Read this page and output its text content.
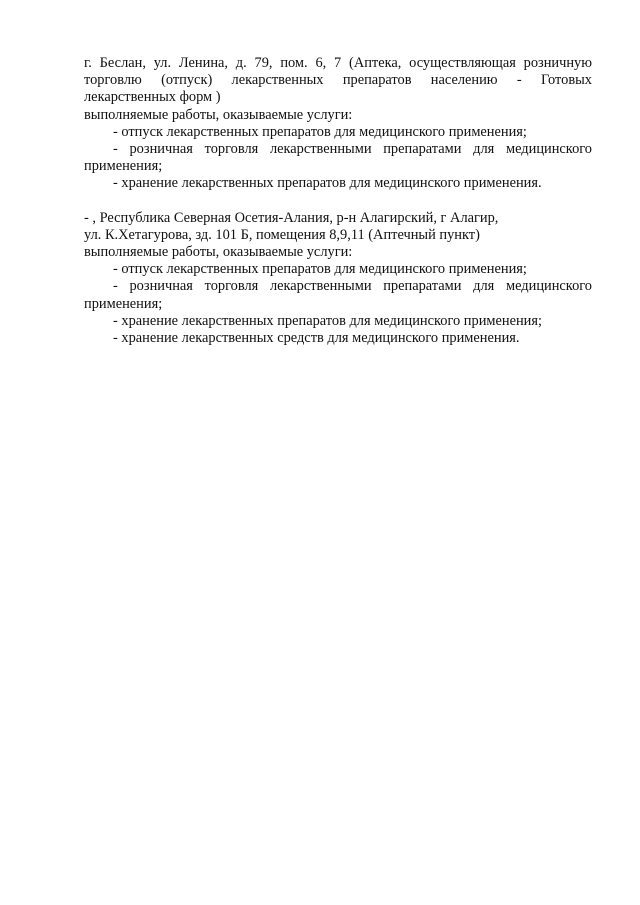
г. Беслан, ул. Ленина, д. 79, пом. 6, 7 (Аптека, осуществляющая розничную торговлю (отпуск) лекарственных препаратов населению - Готовых лекарственных форм )

выполняемые работы, оказываемые услуги:

- отпуск лекарственных препаратов для медицинского применения;

- розничная торговля лекарственными препаратами для медицинского применения;

- хранение лекарственных препаратов для медицинского применения.

- , Республика Северная Осетия-Алания, р-н Алагирский, г Алагир,

ул. К.Хетагурова, зд. 101 Б, помещения 8,9,11 (Аптечный пункт)

выполняемые работы, оказываемые услуги:

- отпуск лекарственных препаратов для медицинского применения;

- розничная торговля лекарственными препаратами для медицинского применения;

- хранение лекарственных препаратов для медицинского применения;

- хранение лекарственных средств для медицинского применения.
